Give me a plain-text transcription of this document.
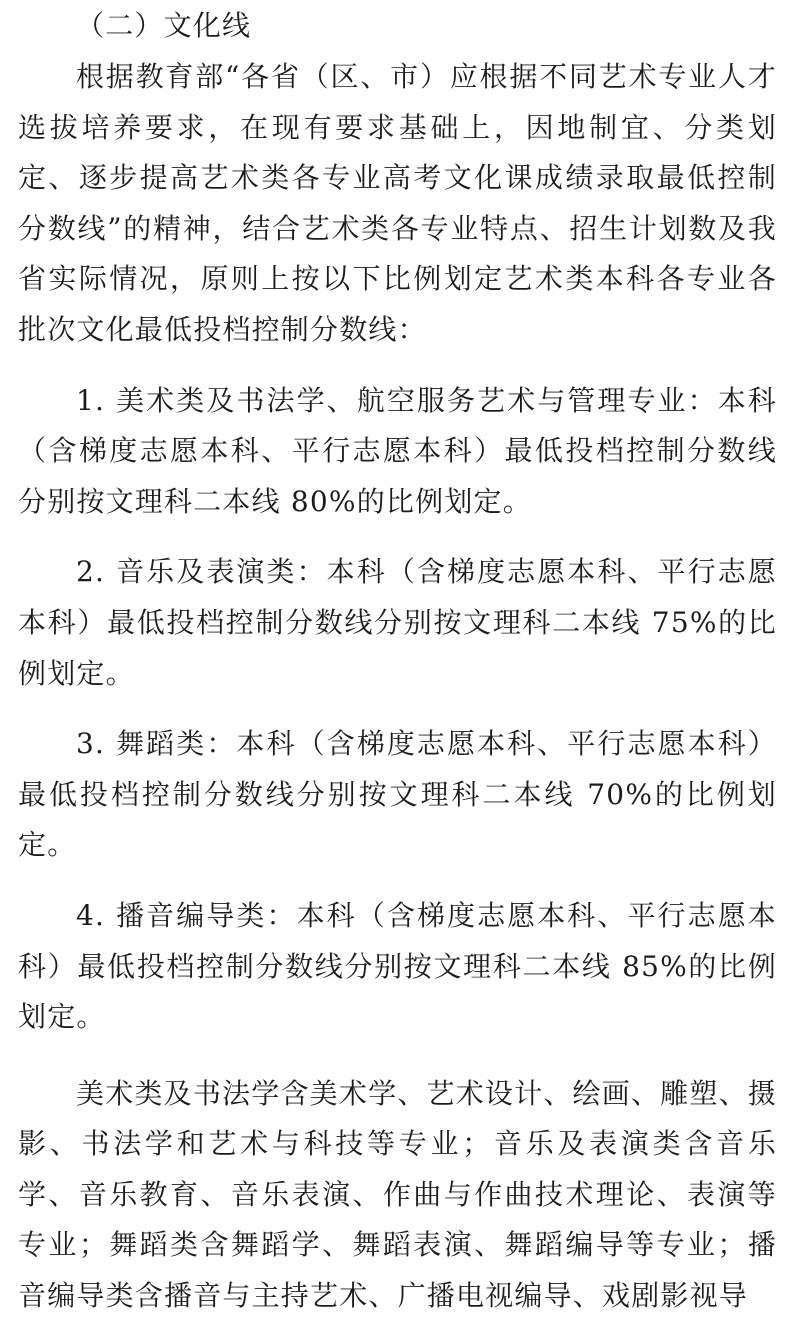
（二）文化线

根据教育部“各省（区、市）应根据不同艺术专业人才选拔培养要求，在现有要求基础上，因地制宜、分类划定、逐步提高艺术类各专业高考文化课成绩录取最低控制分数线”的精神，结合艺术类各专业特点、招生计划数及我省实际情况，原则上按以下比例划定艺术类本科各专业各批次文化最低投档控制分数线：

1. 美术类及书法学、航空服务艺术与管理专业：本科（含梯度志愿本科、平行志愿本科）最低投档控制分数线分别按文理科二本线 80%的比例划定。

2. 音乐及表演类：本科（含梯度志愿本科、平行志愿本科）最低投档控制分数线分别按文理科二本线 75%的比例划定。

3. 舞蹈类：本科（含梯度志愿本科、平行志愿本科）最低投档控制分数线分别按文理科二本线 70%的比例划定。

4. 播音编导类：本科（含梯度志愿本科、平行志愿本科）最低投档控制分数线分别按文理科二本线 85%的比例划定。

美术类及书法学含美术学、艺术设计、绘画、雕塑、摄影、书法学和艺术与科技等专业；音乐及表演类含音乐学、音乐教育、音乐表演、作曲与作曲技术理论、表演等专业；舞蹈类含舞蹈学、舞蹈表演、舞蹈编导等专业；播音编导类含播音与主持艺术、广播电视编导、戏剧影视导
